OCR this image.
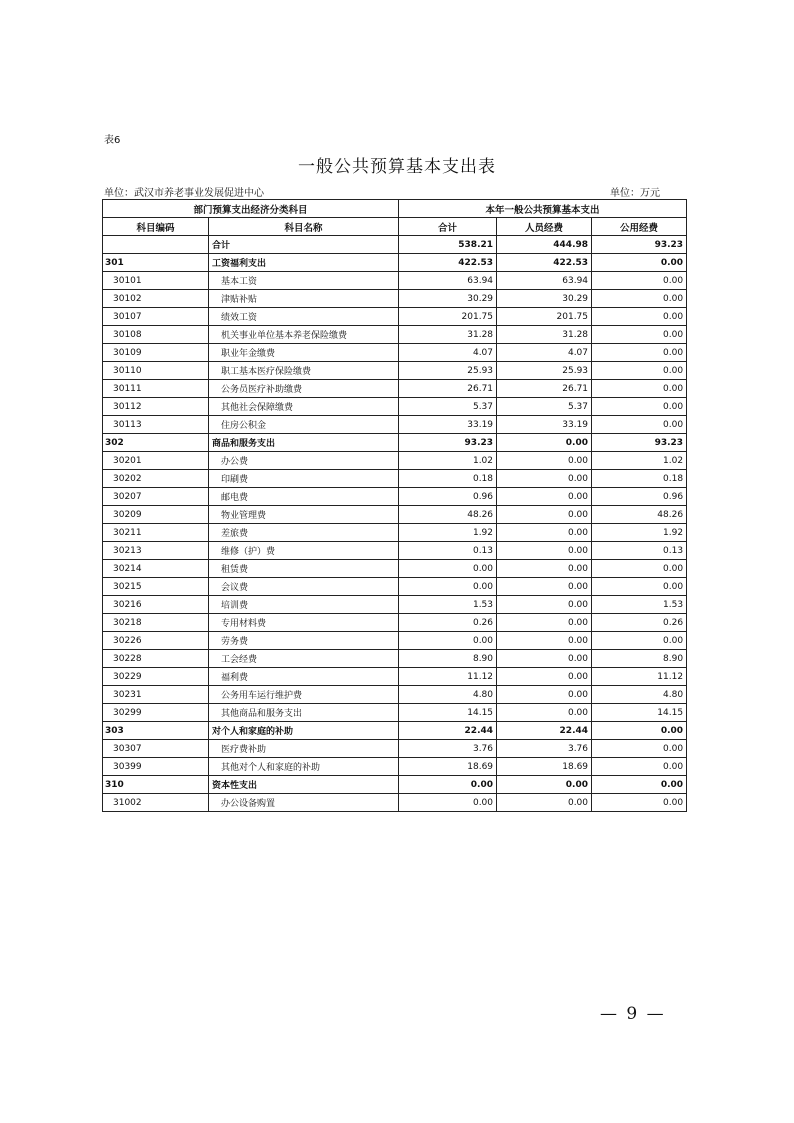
表6
一般公共预算基本支出表
单位：武汉市养老事业发展促进中心	单位：万元
部门预算支出经济分类科目		本年一般公共预算基本支出		
科目编码	科目名称	合计	人员经费	公用经费
	合计	538.21	444.98	93.23
301	工资福利支出	422.53	422.53	0.00
30101	基本工资	63.94	63.94	0.00
30102	津贴补贴	30.29	30.29	0.00
30107	绩效工资	201.75	201.75	0.00
30108	机关事业单位基本养老保险缴费	31.28	31.28	0.00
30109	职业年金缴费	4.07	4.07	0.00
30110	职工基本医疗保险缴费	25.93	25.93	0.00
30111	公务员医疗补助缴费	26.71	26.71	0.00
30112	其他社会保障缴费	5.37	5.37	0.00
30113	住房公积金	33.19	33.19	0.00
302	商品和服务支出	93.23	0.00	93.23
30201	办公费	1.02	0.00	1.02
30202	印刷费	0.18	0.00	0.18
30207	邮电费	0.96	0.00	0.96
30209	物业管理费	48.26	0.00	48.26
30211	差旅费	1.92	0.00	1.92
30213	维修（护）费	0.13	0.00	0.13
30214	租赁费	0.00	0.00	0.00
30215	会议费	0.00	0.00	0.00
30216	培训费	1.53	0.00	1.53
30218	专用材料费	0.26	0.00	0.26
30226	劳务费	0.00	0.00	0.00
30228	工会经费	8.90	0.00	8.90
30229	福利费	11.12	0.00	11.12
30231	公务用车运行维护费	4.80	0.00	4.80
30299	其他商品和服务支出	14.15	0.00	14.15
303	对个人和家庭的补助	22.44	22.44	0.00
30307	医疗费补助	3.76	3.76	0.00
30399	其他对个人和家庭的补助	18.69	18.69	0.00
310	资本性支出	0.00	0.00	0.00
31002	办公设备购置	0.00	0.00	0.00
— 9 —
